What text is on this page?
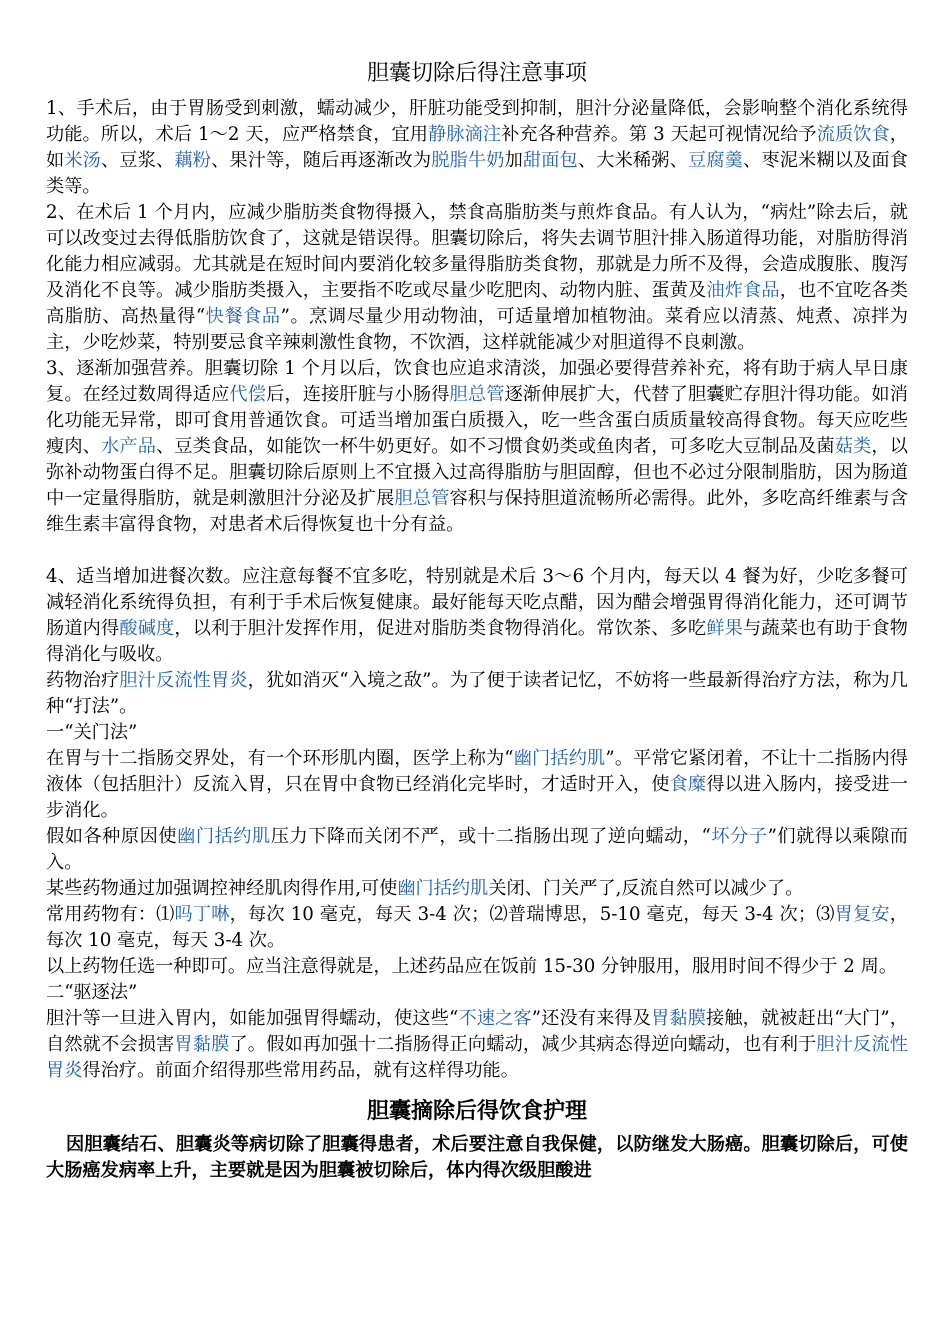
胆囊切除后得注意事项

1、手术后，由于胃肠受到刺激，蠕动减少，肝脏功能受到抑制，胆汁分泌量降低，会影响整个消化系统得功能。所以，术后 1～2 天，应严格禁食，宜用静脉滴注补充各种营养。第 3 天起可视情况给予流质饮食，如米汤、豆浆、藕粉、果汁等，随后再逐渐改为脱脂牛奶加甜面包、大米稀粥、豆腐羹、枣泥米糊以及面食类等。

2、在术后 1 个月内，应减少脂肪类食物得摄入，禁食高脂肪类与煎炸食品。有人认为，“病灶”除去后，就可以改变过去得低脂肪饮食了，这就是错误得。胆囊切除后，将失去调节胆汁排入肠道得功能，对脂肪得消化能力相应减弱。尤其就是在短时间内要消化较多量得脂肪类食物，那就是力所不及得，会造成腹胀、腹泻及消化不良等。减少脂肪类摄入，主要指不吃或尽量少吃肥肉、动物内脏、蛋黄及油炸食品，也不宜吃各类高脂肪、高热量得“快餐食品”。烹调尽量少用动物油，可适量增加植物油。菜肴应以清蒸、炖煮、凉拌为主，少吃炒菜，特别要忌食辛辣刺激性食物，不饮酒，这样就能减少对胆道得不良刺激。

3、逐渐加强营养。胆囊切除 1 个月以后，饮食也应追求清淡，加强必要得营养补充，将有助于病人早日康复。在经过数周得适应代偿后，连接肝脏与小肠得胆总管逐渐伸展扩大，代替了胆囊贮存胆汁得功能。如消化功能无异常，即可食用普通饮食。可适当增加蛋白质摄入，吃一些含蛋白质质量较高得食物。每天应吃些瘦肉、水产品、豆类食品，如能饮一杯牛奶更好。如不习惯食奶类或鱼肉者，可多吃大豆制品及菌菇类，以弥补动物蛋白得不足。胆囊切除后原则上不宜摄入过高得脂肪与胆固醇，但也不必过分限制脂肪，因为肠道中一定量得脂肪，就是刺激胆汁分泌及扩展胆总管容积与保持胆道流畅所必需得。此外，多吃高纤维素与含维生素丰富得食物，对患者术后得恢复也十分有益。

4、适当增加进餐次数。应注意每餐不宜多吃，特别就是术后 3～6 个月内，每天以 4 餐为好，少吃多餐可减轻消化系统得负担，有利于手术后恢复健康。最好能每天吃点醋，因为醋会增强胃得消化能力，还可调节肠道内得酸碱度，以利于胆汁发挥作用，促进对脂肪类食物得消化。常饮茶、多吃鲜果与蔬菜也有助于食物得消化与吸收。

药物治疗胆汁反流性胃炎，犹如消灭“入境之敌”。为了便于读者记忆，不妨将一些最新得治疗方法，称为几种“打法”。

一“关门法”

在胃与十二指肠交界处，有一个环形肌内圈，医学上称为“幽门括约肌”。平常它紧闭着，不让十二指肠内得液体（包括胆汁）反流入胃，只在胃中食物已经消化完毕时，才适时开入，使食糜得以进入肠内，接受进一步消化。

假如各种原因使幽门括约肌压力下降而关闭不严，或十二指肠出现了逆向蠕动，“坏分子”们就得以乘隙而入。

某些药物通过加强调控神经肌肉得作用,可使幽门括约肌关闭、门关严了,反流自然可以减少了。

常用药物有：⑴吗丁啉，每次 10 毫克，每天 3-4 次；⑵普瑞博思，5-10 毫克，每天 3-4 次；⑶胃复安，每次 10 毫克，每天 3-4 次。

以上药物任选一种即可。应当注意得就是，上述药品应在饭前 15-30 分钟服用，服用时间不得少于 2 周。

二“驱逐法”

胆汁等一旦进入胃内，如能加强胃得蠕动，使这些“不速之客”还没有来得及胃黏膜接触，就被赶出“大门”，自然就不会损害胃黏膜了。假如再加强十二指肠得正向蠕动，减少其病态得逆向蠕动，也有利于胆汁反流性胃炎得治疗。前面介绍得那些常用药品，就有这样得功能。

胆囊摘除后得饮食护理

因胆囊结石、胆囊炎等病切除了胆囊得患者，术后要注意自我保健，以防继发大肠癌。胆囊切除后，可使大肠癌发病率上升，主要就是因为胆囊被切除后，体内得次级胆酸进
